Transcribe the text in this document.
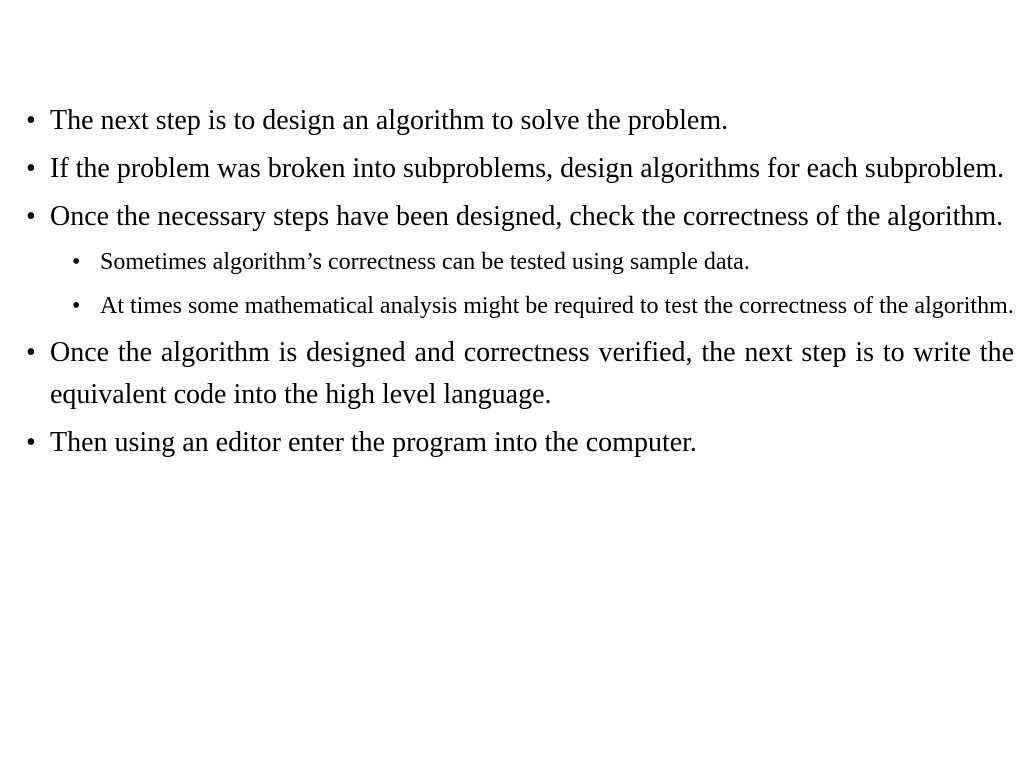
• The next step is to design an algorithm to solve the problem.
• If the problem was broken into subproblems, design algorithms for each subproblem.
• Once the necessary steps have been designed, check the correctness of the algorithm.
• Sometimes algorithm’s correctness can be tested using sample data.
• At times some mathematical analysis might be required to test the correctness of the algorithm.
• Once the algorithm is designed and correctness verified, the next step is to write the equivalent code into the high level language.
• Then using an editor enter the program into the computer.
